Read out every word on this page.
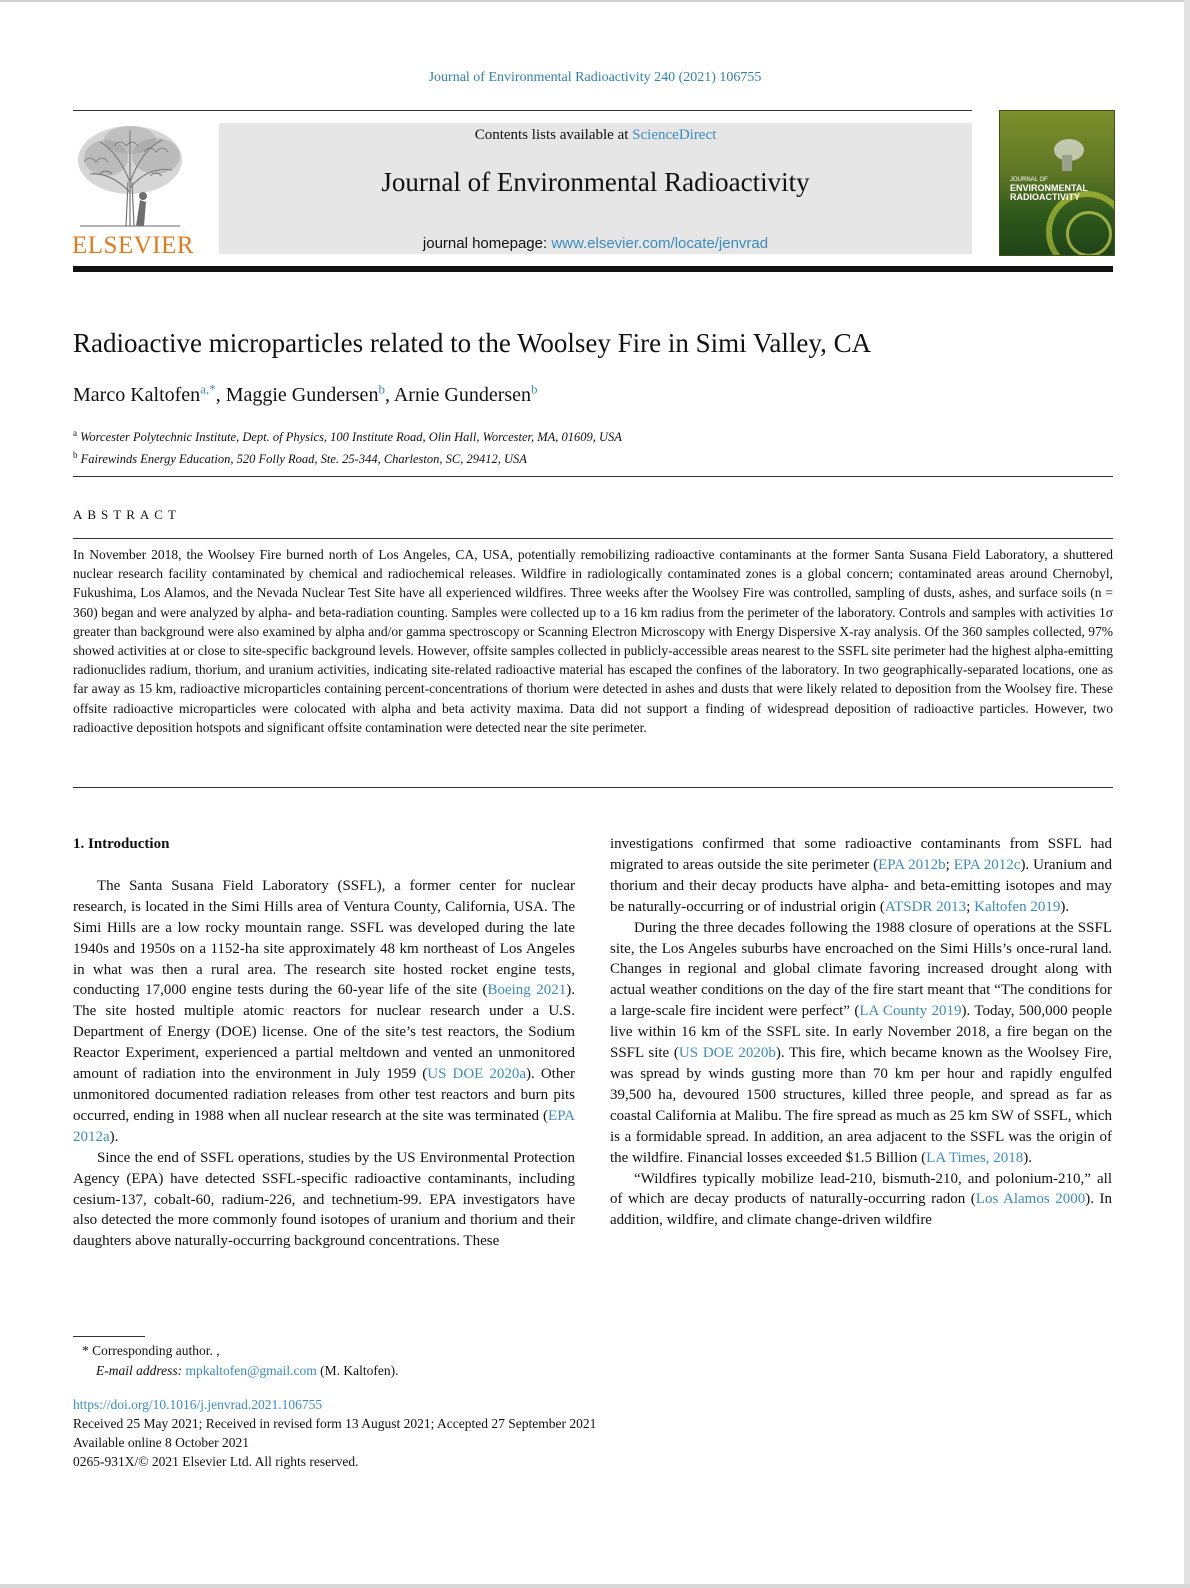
Journal of Environmental Radioactivity 240 (2021) 106755
ELSEVIER
Contents lists available at ScienceDirect
Journal of Environmental Radioactivity
journal homepage: www.elsevier.com/locate/jenvrad
JOURNAL OF
ENVIRONMENTAL
RADIOACTIVITY
Radioactive microparticles related to the Woolsey Fire in Simi Valley, CA
Marco Kaltofen$^{a,*}$, Maggie Gundersen$^b$, Arnie Gundersen$^b$
$^a$ Worcester Polytechnic Institute, Dept. of Physics, 100 Institute Road, Olin Hall, Worcester, MA, 01609, USA
$^b$ Fairewinds Energy Education, 520 Folly Road, Ste. 25-344, Charleston, SC, 29412, USA
ABSTRACT
In November 2018, the Woolsey Fire burned north of Los Angeles, CA, USA, potentially remobilizing radioactive contaminants at the former Santa Susana Field Laboratory, a shuttered nuclear research facility contaminated by chemical and radiochemical releases. Wildfire in radiologically contaminated zones is a global concern; contaminated areas around Chernobyl, Fukushima, Los Alamos, and the Nevada Nuclear Test Site have all experienced wildfires. Three weeks after the Woolsey Fire was controlled, sampling of dusts, ashes, and surface soils (n = 360) began and were analyzed by alpha- and beta-radiation counting. Samples were collected up to a 16 km radius from the perimeter of the laboratory. Controls and samples with activities 1σ greater than background were also examined by alpha and/or gamma spectroscopy or Scanning Electron Microscopy with Energy Dispersive X-ray analysis. Of the 360 samples collected, 97% showed activities at or close to site-specific background levels. However, offsite samples collected in publicly-accessible areas nearest to the SSFL site perimeter had the highest alpha-emitting radionuclides radium, thorium, and uranium activities, indicating site-related radioactive material has escaped the confines of the laboratory. In two geographically-separated locations, one as far away as 15 km, radioactive microparticles containing percent-concentrations of thorium were detected in ashes and dusts that were likely related to deposition from the Woolsey fire. These offsite radioactive microparticles were colocated with alpha and beta activity maxima. Data did not support a finding of widespread deposition of radioactive particles. However, two radioactive deposition hotspots and significant offsite contamination were detected near the site perimeter.
1. Introduction

The Santa Susana Field Laboratory (SSFL), a former center for nuclear research, is located in the Simi Hills area of Ventura County, California, USA. The Simi Hills are a low rocky mountain range. SSFL was developed during the late 1940s and 1950s on a 1152-ha site approximately 48 km northeast of Los Angeles in what was then a rural area. The research site hosted rocket engine tests, conducting 17,000 engine tests during the 60-year life of the site (Boeing 2021). The site hosted multiple atomic reactors for nuclear research under a U.S. Department of Energy (DOE) license. One of the site’s test reactors, the Sodium Reactor Experiment, experienced a partial meltdown and vented an unmonitored amount of radiation into the environment in July 1959 (US DOE 2020a). Other unmonitored documented radiation releases from other test reactors and burn pits occurred, ending in 1988 when all nuclear research at the site was terminated (EPA 2012a).

Since the end of SSFL operations, studies by the US Environmental Protection Agency (EPA) have detected SSFL-specific radioactive contaminants, including cesium-137, cobalt-60, radium-226, and technetium-99. EPA investigators have also detected the more commonly found isotopes of uranium and thorium and their daughters above naturally-occurring background concentrations. These

investigations confirmed that some radioactive contaminants from SSFL had migrated to areas outside the site perimeter (EPA 2012b; EPA 2012c). Uranium and thorium and their decay products have alpha- and beta-emitting isotopes and may be naturally-occurring or of industrial origin (ATSDR 2013; Kaltofen 2019).

During the three decades following the 1988 closure of operations at the SSFL site, the Los Angeles suburbs have encroached on the Simi Hills’s once-rural land. Changes in regional and global climate favoring increased drought along with actual weather conditions on the day of the fire start meant that “The conditions for a large-scale fire incident were perfect” (LA County 2019). Today, 500,000 people live within 16 km of the SSFL site. In early November 2018, a fire began on the SSFL site (US DOE 2020b). This fire, which became known as the Woolsey Fire, was spread by winds gusting more than 70 km per hour and rapidly engulfed 39,500 ha, devoured 1500 structures, killed three people, and spread as far as coastal California at Malibu. The fire spread as much as 25 km SW of SSFL, which is a formidable spread. In addition, an area adjacent to the SSFL was the origin of the wildfire. Financial losses exceeded $1.5 Billion (LA Times, 2018).

“Wildfires typically mobilize lead-210, bismuth-210, and polonium-210,” all of which are decay products of naturally-occurring radon (Los Alamos 2000). In addition, wildfire, and climate change-driven wildfire

* Corresponding author. ,
E-mail address: mpkaltofen@gmail.com (M. Kaltofen).
https://doi.org/10.1016/j.jenvrad.2021.106755
Received 25 May 2021; Received in revised form 13 August 2021; Accepted 27 September 2021
Available online 8 October 2021
0265-931X/© 2021 Elsevier Ltd. All rights reserved.
